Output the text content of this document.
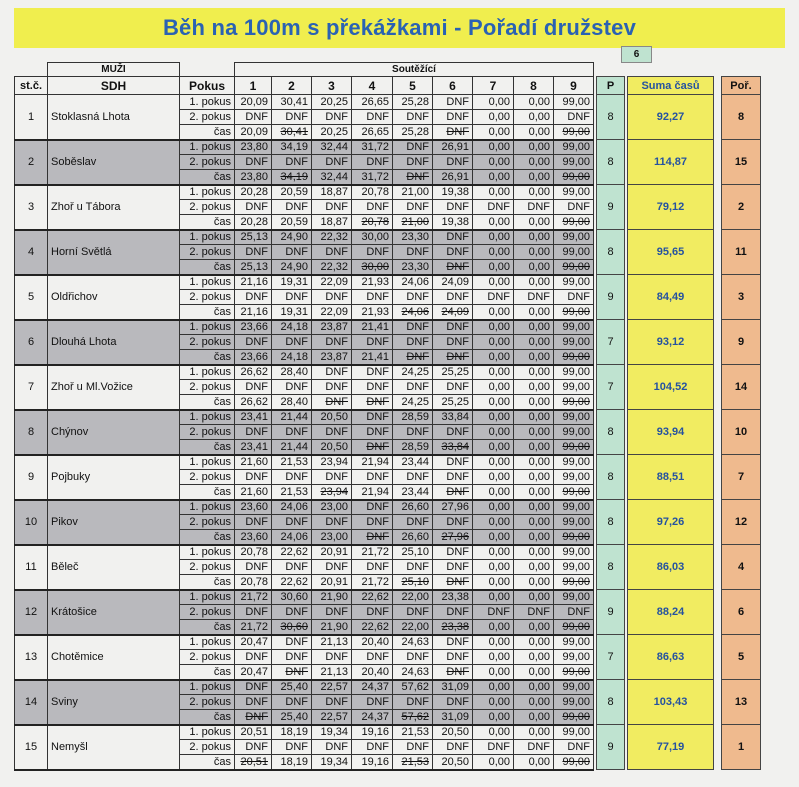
Běh na 100m s překážkami - Pořadí družstev
6
	MUŽI		Soutěžící														
st.č.	SDH	Pokus	1	2	3	4	5	6	7	8	9		P		Suma časů		Poř.
1	Stoklasná Lhota	1. pokus	20,09	30,41	20,25	26,65	25,28	DNF	0,00	0,00	99,00		8		92,27		8
		2. pokus	DNF	DNF	DNF	DNF	DNF	DNF	0,00	0,00	DNF						
		čas	20,09	30,41	20,25	26,65	25,28	DNF	0,00	0,00	99,00						
2	Soběslav	1. pokus	23,80	34,19	32,44	31,72	DNF	26,91	0,00	0,00	99,00		8		114,87		15
		2. pokus	DNF	DNF	DNF	DNF	DNF	DNF	0,00	0,00	99,00						
		čas	23,80	34,19	32,44	31,72	DNF	26,91	0,00	0,00	99,00						
3	Zhoř u Tábora	1. pokus	20,28	20,59	18,87	20,78	21,00	19,38	0,00	0,00	99,00		9		79,12		2
		2. pokus	DNF	DNF	DNF	DNF	DNF	DNF	DNF	DNF	DNF						
		čas	20,28	20,59	18,87	20,78	21,00	19,38	0,00	0,00	99,00						
4	Horní Světlá	1. pokus	25,13	24,90	22,32	30,00	23,30	DNF	0,00	0,00	99,00		8		95,65		11
		2. pokus	DNF	DNF	DNF	DNF	DNF	DNF	0,00	0,00	99,00						
		čas	25,13	24,90	22,32	30,00	23,30	DNF	0,00	0,00	99,00						
5	Oldřichov	1. pokus	21,16	19,31	22,09	21,93	24,06	24,09	0,00	0,00	99,00		9		84,49		3
		2. pokus	DNF	DNF	DNF	DNF	DNF	DNF	DNF	DNF	DNF						
		čas	21,16	19,31	22,09	21,93	24,06	24,09	0,00	0,00	99,00						
6	Dlouhá Lhota	1. pokus	23,66	24,18	23,87	21,41	DNF	DNF	0,00	0,00	99,00		7		93,12		9
		2. pokus	DNF	DNF	DNF	DNF	DNF	DNF	0,00	0,00	99,00						
		čas	23,66	24,18	23,87	21,41	DNF	DNF	0,00	0,00	99,00						
7	Zhoř u Ml.Vožice	1. pokus	26,62	28,40	DNF	DNF	24,25	25,25	0,00	0,00	99,00		7		104,52		14
		2. pokus	DNF	DNF	DNF	DNF	DNF	DNF	0,00	0,00	99,00						
		čas	26,62	28,40	DNF	DNF	24,25	25,25	0,00	0,00	99,00						
8	Chýnov	1. pokus	23,41	21,44	20,50	DNF	28,59	33,84	0,00	0,00	99,00		8		93,94		10
		2. pokus	DNF	DNF	DNF	DNF	DNF	DNF	0,00	0,00	99,00						
		čas	23,41	21,44	20,50	DNF	28,59	33,84	0,00	0,00	99,00						
9	Pojbuky	1. pokus	21,60	21,53	23,94	21,94	23,44	DNF	0,00	0,00	99,00		8		88,51		7
		2. pokus	DNF	DNF	DNF	DNF	DNF	DNF	0,00	0,00	99,00						
		čas	21,60	21,53	23,94	21,94	23,44	DNF	0,00	0,00	99,00						
10	Pikov	1. pokus	23,60	24,06	23,00	DNF	26,60	27,96	0,00	0,00	99,00		8		97,26		12
		2. pokus	DNF	DNF	DNF	DNF	DNF	DNF	0,00	0,00	99,00						
		čas	23,60	24,06	23,00	DNF	26,60	27,96	0,00	0,00	99,00						
11	Běleč	1. pokus	20,78	22,62	20,91	21,72	25,10	DNF	0,00	0,00	99,00		8		86,03		4
		2. pokus	DNF	DNF	DNF	DNF	DNF	DNF	0,00	0,00	99,00						
		čas	20,78	22,62	20,91	21,72	25,10	DNF	0,00	0,00	99,00						
12	Krátošice	1. pokus	21,72	30,60	21,90	22,62	22,00	23,38	0,00	0,00	99,00		9		88,24		6
		2. pokus	DNF	DNF	DNF	DNF	DNF	DNF	DNF	DNF	DNF						
		čas	21,72	30,60	21,90	22,62	22,00	23,38	0,00	0,00	99,00						
13	Chotěmice	1. pokus	20,47	DNF	21,13	20,40	24,63	DNF	0,00	0,00	99,00		7		86,63		5
		2. pokus	DNF	DNF	DNF	DNF	DNF	DNF	0,00	0,00	99,00						
		čas	20,47	DNF	21,13	20,40	24,63	DNF	0,00	0,00	99,00						
14	Sviny	1. pokus	DNF	25,40	22,57	24,37	57,62	31,09	0,00	0,00	99,00		8		103,43		13
		2. pokus	DNF	DNF	DNF	DNF	DNF	DNF	0,00	0,00	99,00						
		čas	DNF	25,40	22,57	24,37	57,62	31,09	0,00	0,00	99,00						
15	Nemyšl	1. pokus	20,51	18,19	19,34	19,16	21,53	20,50	0,00	0,00	99,00		9		77,19		1
		2. pokus	DNF	DNF	DNF	DNF	DNF	DNF	DNF	DNF	DNF						
		čas	20,51	18,19	19,34	19,16	21,53	20,50	0,00	0,00	99,00						
